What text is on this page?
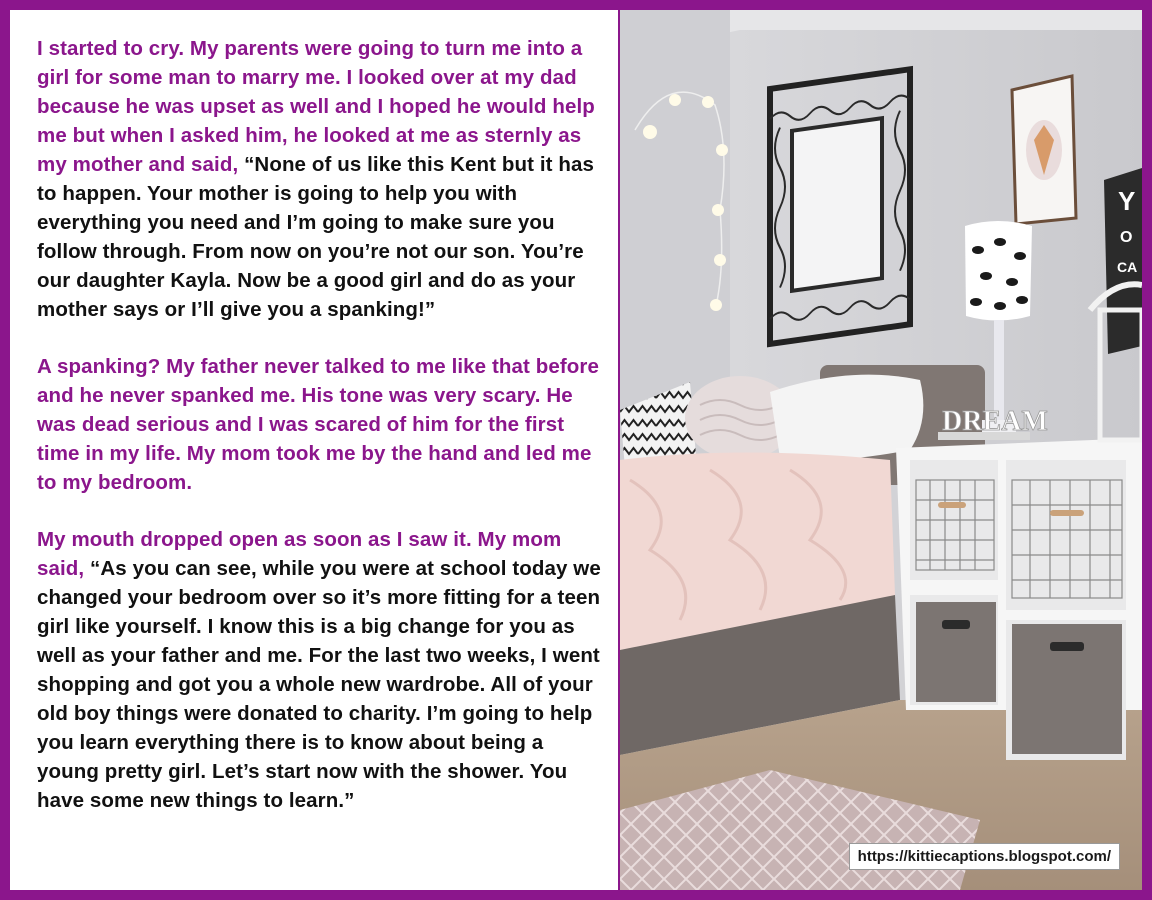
I started to cry. My parents were going to turn me into a girl for some man to marry me. I looked over at my dad because he was upset as well and I hoped he would help me but when I asked him, he looked at me as sternly as my mother and said, “None of us like this Kent but it has to happen. Your mother is going to help you with everything you need and I’m going to make sure you follow through. From now on you’re not our son. You’re our daughter Kayla. Now be a good girl and do as your mother says or I’ll give you a spanking!”

A spanking? My father never talked to me like that before and he never spanked me. His tone was very scary. He was dead serious and I was scared of him for the first time in my life. My mom took me by the hand and led me to my bedroom.

My mouth dropped open as soon as I saw it. My mom said, “As you can see, while you were at school today we changed your bedroom over so it’s more fitting for a teen girl like yourself. I know this is a big change for you as well as your father and me. For the last two weeks, I went shopping and got you a whole new wardrobe. All of your old boy things were donated to charity. I’m going to help you learn everything there is to know about being a young pretty girl. Let’s start now with the shower. You have some new things to learn.”

Y
O
CA
DREAM
https://kittiecaptions.blogspot.com/
